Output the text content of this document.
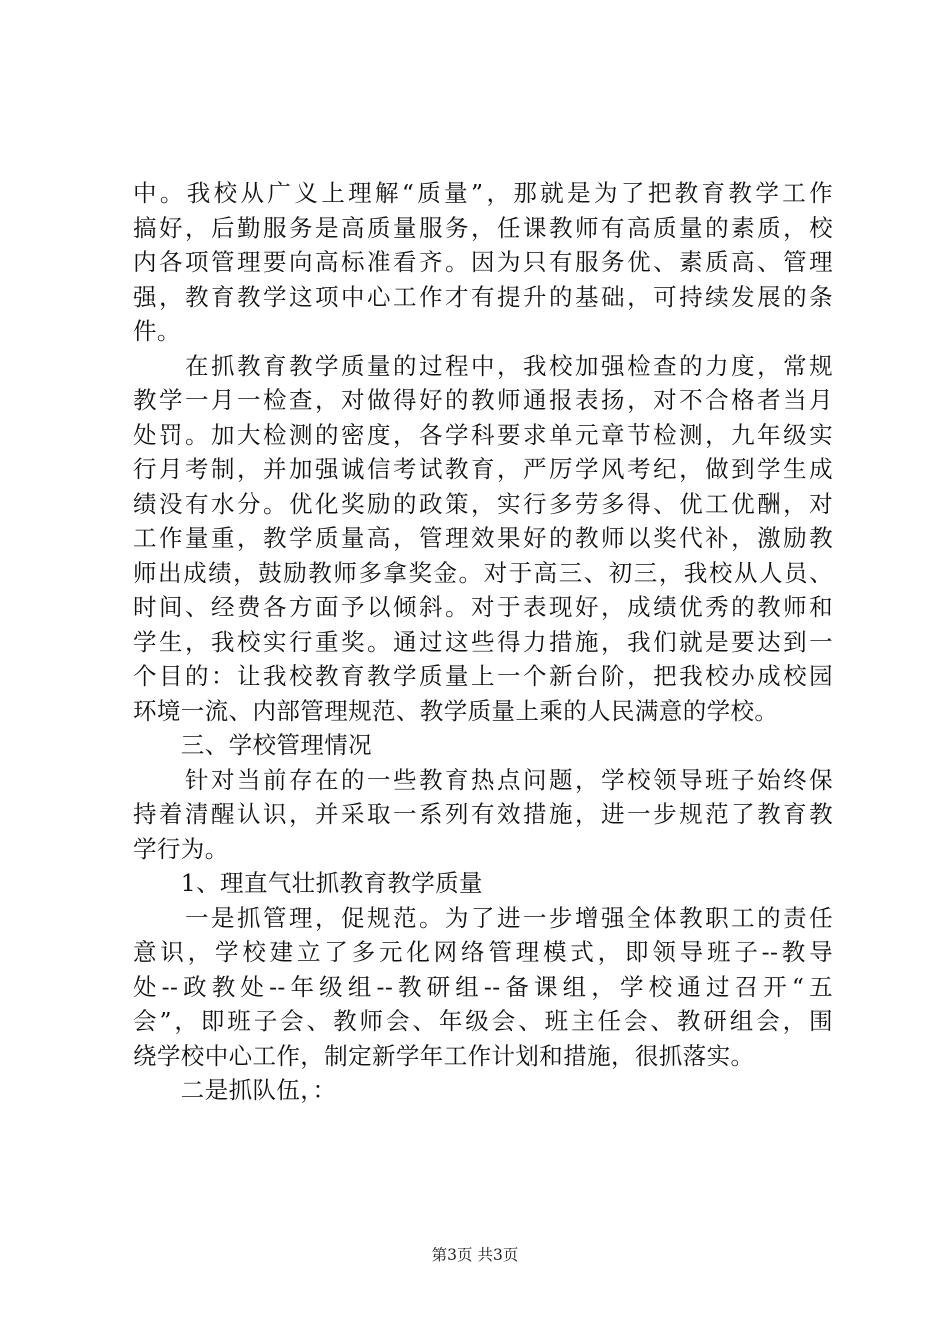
中。我校从广义上理解“质量”，那就是为了把教育教学工作
搞好，后勤服务是高质量服务，任课教师有高质量的素质，校
内各项管理要向高标准看齐。因为只有服务优、素质高、管理
强，教育教学这项中心工作才有提升的基础，可持续发展的条
件。
　　在抓教育教学质量的过程中，我校加强检查的力度，常规
教学一月一检查，对做得好的教师通报表扬，对不合格者当月
处罚。加大检测的密度，各学科要求单元章节检测，九年级实
行月考制，并加强诚信考试教育，严厉学风考纪，做到学生成
绩没有水分。优化奖励的政策，实行多劳多得、优工优酬，对
工作量重，教学质量高，管理效果好的教师以奖代补，激励教
师出成绩，鼓励教师多拿奖金。对于高三、初三，我校从人员、
时间、经费各方面予以倾斜。对于表现好，成绩优秀的教师和
学生，我校实行重奖。通过这些得力措施，我们就是要达到一
个目的：让我校教育教学质量上一个新台阶，把我校办成校园
环境一流、内部管理规范、教学质量上乘的人民满意的学校。
　　三、学校管理情况
　　针对当前存在的一些教育热点问题，学校领导班子始终保
持着清醒认识，并采取一系列有效措施，进一步规范了教育教
学行为。
　　1、理直气壮抓教育教学质量
　　一是抓管理，促规范。为了进一步增强全体教职工的责任
意识，学校建立了多元化网络管理模式，即领导班子--教导
处--政教处--年级组--教研组--备课组，学校通过召开“五
会”，即班子会、教师会、年级会、班主任会、教研组会，围
绕学校中心工作，制定新学年工作计划和措施，很抓落实。
　　二是抓队伍，：
第3页 共3页
